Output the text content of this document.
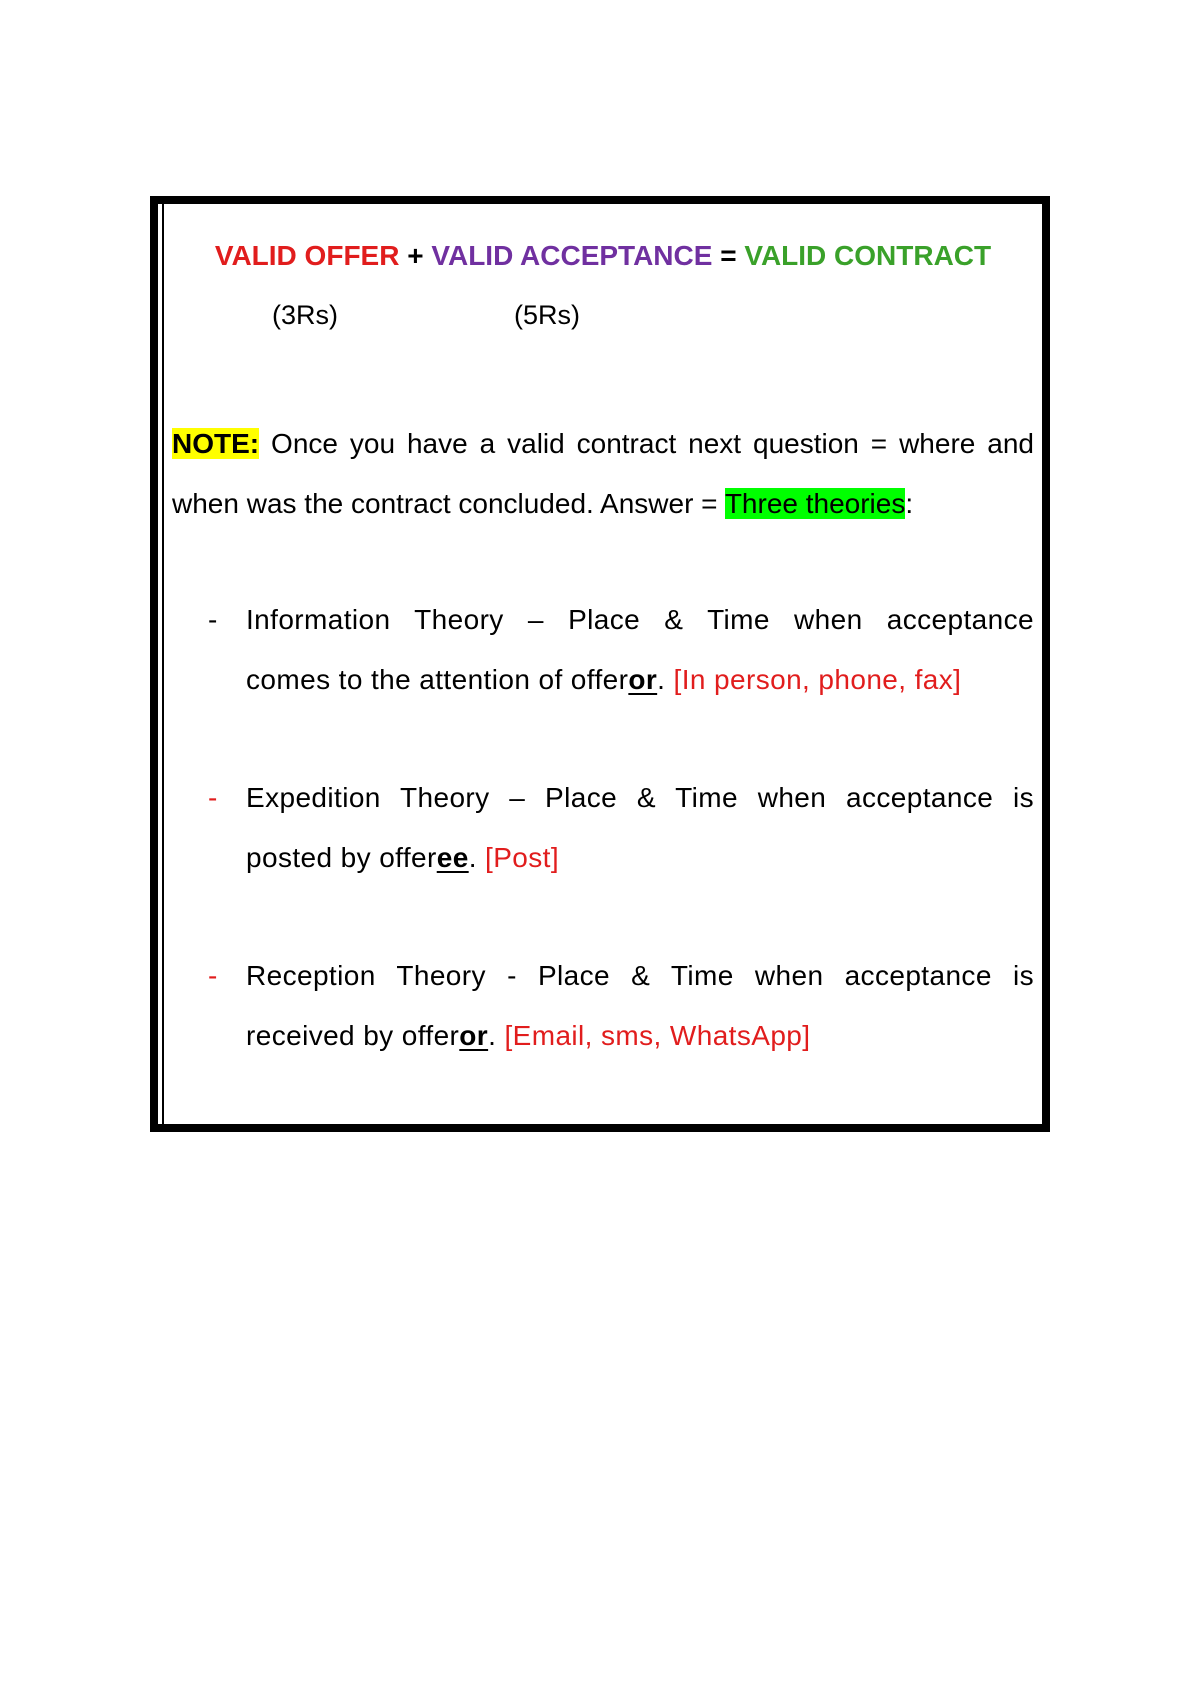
VALID OFFER + VALID ACCEPTANCE = VALID CONTRACT
(3Rs)	(5Rs)
NOTE: Once you have a valid contract next question = where and when was the contract concluded. Answer = Three theories:
- Information Theory – Place & Time when acceptance
comes to the attention of offeror. [In person, phone, fax]
- Expedition Theory – Place & Time when acceptance is
posted by offeree. [Post]
- Reception Theory - Place & Time when acceptance is
received by offeror. [Email, sms, WhatsApp]
